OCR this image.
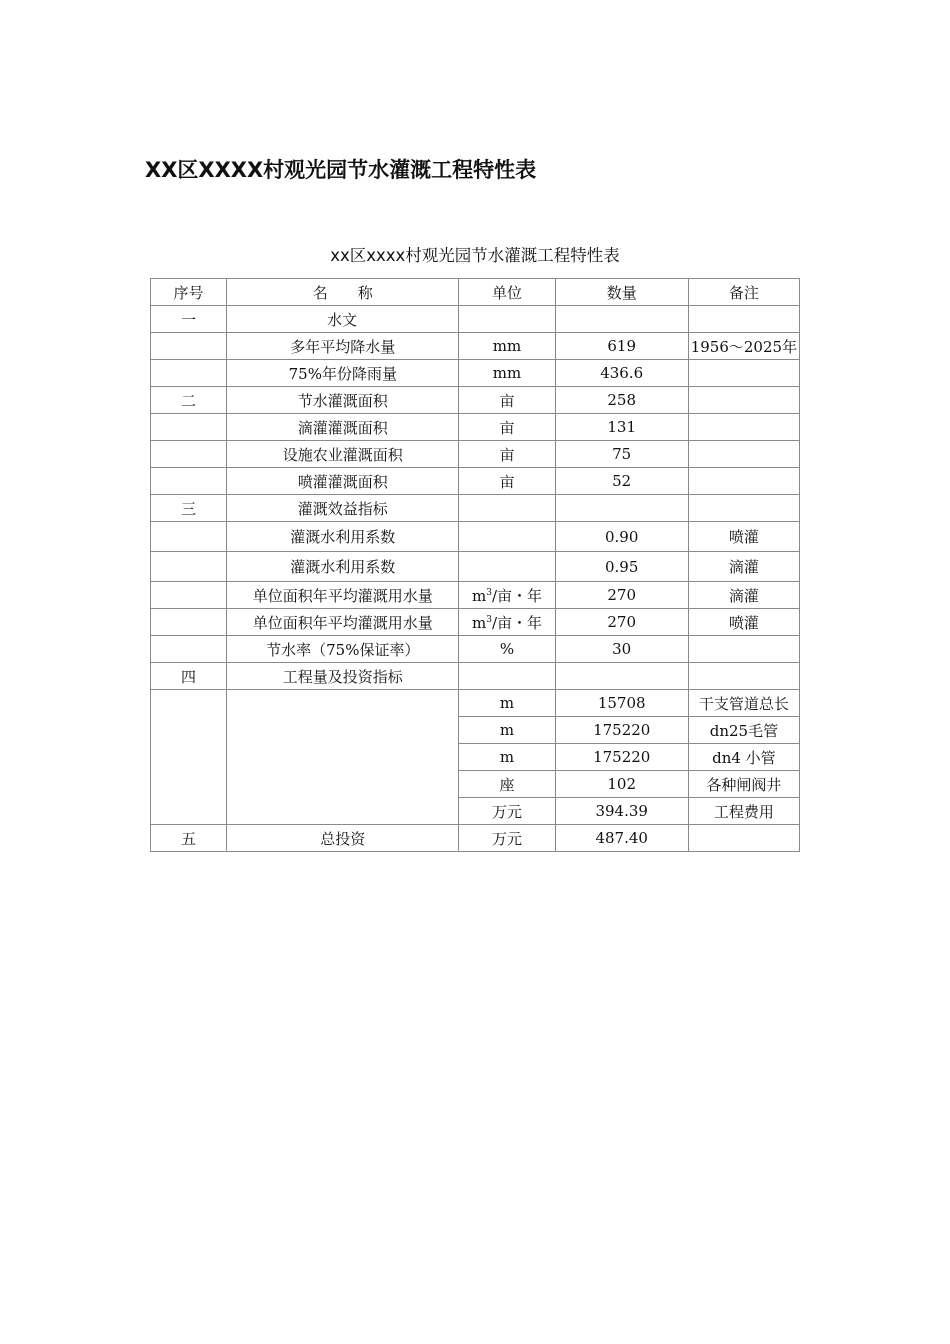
XX区XXXX村观光园节水灌溉工程特性表
xx区xxxx村观光园节水灌溉工程特性表
序号	名　　称	单位	数量	备注
一	水文			
	多年平均降水量	mm	619	1956～2025年
	75%年份降雨量	mm	436.6	
二	节水灌溉面积	亩	258	
	滴灌灌溉面积	亩	131	
	设施农业灌溉面积	亩	75	
	喷灌灌溉面积	亩	52	
三	灌溉效益指标			
	灌溉水利用系数		0.90	喷灌
	灌溉水利用系数		0.95	滴灌
	单位面积年平均灌溉用水量	$m^3/$亩・年	270	滴灌
	单位面积年平均灌溉用水量	$m^3/$亩・年	270	喷灌
	节水率（75%保证率）	%	30	
四	工程量及投资指标			
		m	15708	干支管道总长
		m	175220	dn25毛管
		m	175220	dn4 小管
		座	102	各种闸阀井
		万元	394.39	工程费用
五	总投资	万元	487.40	
